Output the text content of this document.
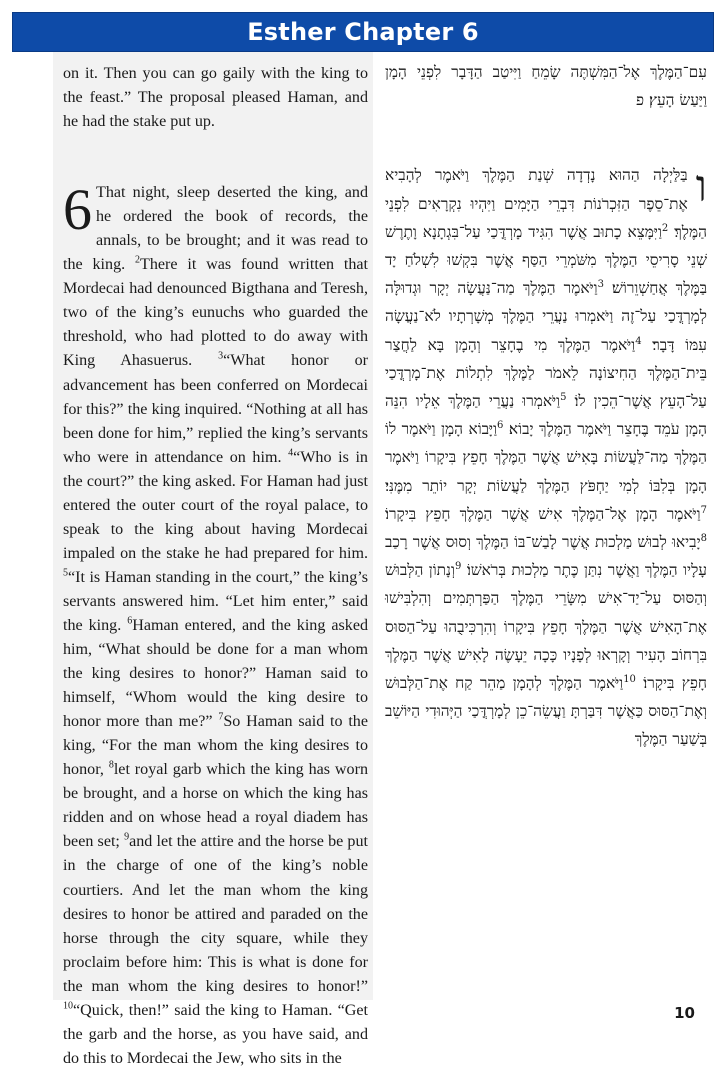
Esther Chapter 6

on it. Then you can go gaily with the king to the feast.” The proposal pleased Haman, and he had the stake put up.

6 That night, sleep deserted the king, and he ordered the book of records, the annals, to be brought; and it was read to the king. $^2$There it was found written that Mordecai had denounced Bigthana and Teresh, two of the king’s eunuchs who guarded the threshold, who had plotted to do away with King Ahasuerus. $^3$“What honor or advancement has been conferred on Mordecai for this?” the king inquired. “Nothing at all has been done for him,” replied the king’s servants who were in attendance on him. $^4$“Who is in the court?” the king asked. For Haman had just entered the outer court of the royal palace, to speak to the king about having Mordecai impaled on the stake he had prepared for him. $^5$“It is Haman standing in the court,” the king’s servants answered him. “Let him enter,” said the king. $^6$Haman entered, and the king asked him, “What should be done for a man whom the king desires to honor?” Haman said to himself, “Whom would the king desire to honor more than me?” $^7$So Haman said to the king, “For the man whom the king desires to honor, $^8$let royal garb which the king has worn be brought, and a horse on which the king has ridden and on whose head a royal diadem has been set; $^9$and let the attire and the horse be put in the charge of one of the king’s noble courtiers. And let the man whom the king desires to honor be attired and paraded on the horse through the city square, while they proclaim before him: This is what is done for the man whom the king desires to honor!” $^{10}$“Quick, then!” said the king to Haman. “Get the garb and the horse, as you have said, and do this to Mordecai the Jew, who sits in the

עִם־הַמֶּלֶךְ אֶל־הַמִּשְׁתֶּה שָׂמֵחַ וַיִּיטַב הַדָּבָר לִפְנֵי הָמָן וַיַּעַשׂ הָעֵץ׃ פ

ו
בַּלַּיְלָה הַהוּא נָדְדָה שְׁנַת הַמֶּלֶךְ וַיֹּאמֶר לְהָבִיא אֶת־סֵפֶר הַזִּכְרֹנוֹת דִּבְרֵי הַיָּמִים וַיִּהְיוּ נִקְרָאִים לִפְנֵי הַמֶּלֶךְ׃ $^2$וַיִּמָּצֵא כָתוּב אֲשֶׁר הִגִּיד מָרְדֳּכַי עַל־בִּגְתָנָא וָתֶרֶשׁ שְׁנֵי סָרִיסֵי הַמֶּלֶךְ מִשֹּׁמְרֵי הַסַּף אֲשֶׁר בִּקְשׁוּ לִשְׁלֹחַ יָד בַּמֶּלֶךְ אֲחַשְׁוֵרוֹשׁ׃ $^3$וַיֹּאמֶר הַמֶּלֶךְ מַה־נַּעֲשָׂה יְקָר וּגְדוּלָּה לְמָרְדֳּכַי עַל־זֶה וַיֹּאמְרוּ נַעֲרֵי הַמֶּלֶךְ מְשָׁרְתָיו לֹא־נַעֲשָׂה עִמּוֹ דָּבָר׃ $^4$וַיֹּאמֶר הַמֶּלֶךְ מִי בֶחָצֵר וְהָמָן בָּא לַחֲצַר בֵּית־הַמֶּלֶךְ הַחִיצוֹנָה לֵאמֹר לַמֶּלֶךְ לִתְלוֹת אֶת־מָרְדֳּכַי עַל־הָעֵץ אֲשֶׁר־הֵכִין לוֹ׃ $^5$וַיֹּאמְרוּ נַעֲרֵי הַמֶּלֶךְ אֵלָיו הִנֵּה הָמָן עֹמֵד בֶּחָצֵר וַיֹּאמֶר הַמֶּלֶךְ יָבוֹא׃ $^6$וַיָּבוֹא הָמָן וַיֹּאמֶר לוֹ הַמֶּלֶךְ מַה־לַּעֲשׂוֹת בָּאִישׁ אֲשֶׁר הַמֶּלֶךְ חָפֵץ בִּיקָרוֹ וַיֹּאמֶר הָמָן בְּלִבּוֹ לְמִי יַחְפֹּץ הַמֶּלֶךְ לַעֲשׂוֹת יְקָר יוֹתֵר מִמֶּנִּי׃ $^7$וַיֹּאמֶר הָמָן אֶל־הַמֶּלֶךְ אִישׁ אֲשֶׁר הַמֶּלֶךְ חָפֵץ בִּיקָרוֹ׃ $^8$יָבִיאוּ לְבוּשׁ מַלְכוּת אֲשֶׁר לָבַשׁ־בּוֹ הַמֶּלֶךְ וְסוּס אֲשֶׁר רָכַב עָלָיו הַמֶּלֶךְ וַאֲשֶׁר נִתַּן כֶּתֶר מַלְכוּת בְּרֹאשׁוֹ׃ $^9$וְנָתוֹן הַלְּבוּשׁ וְהַסּוּס עַל־יַד־אִישׁ מִשָּׂרֵי הַמֶּלֶךְ הַפַּרְתְּמִים וְהִלְבִּישׁוּ אֶת־הָאִישׁ אֲשֶׁר הַמֶּלֶךְ חָפֵץ בִּיקָרוֹ וְהִרְכִּיבֻהוּ עַל־הַסּוּס בִּרְחוֹב הָעִיר וְקָרְאוּ לְפָנָיו כָּכָה יֵעָשֶׂה לָאִישׁ אֲשֶׁר הַמֶּלֶךְ חָפֵץ בִּיקָרוֹ׃ $^{10}$וַיֹּאמֶר הַמֶּלֶךְ לְהָמָן מַהֵר קַח אֶת־הַלְּבוּשׁ וְאֶת־הַסּוּס כַּאֲשֶׁר דִּבַּרְתָּ וַעֲשֵׂה־כֵן לְמָרְדֳּכַי הַיְּהוּדִי הַיּוֹשֵׁב בְּשַׁעַר הַמֶּלֶךְ

10
